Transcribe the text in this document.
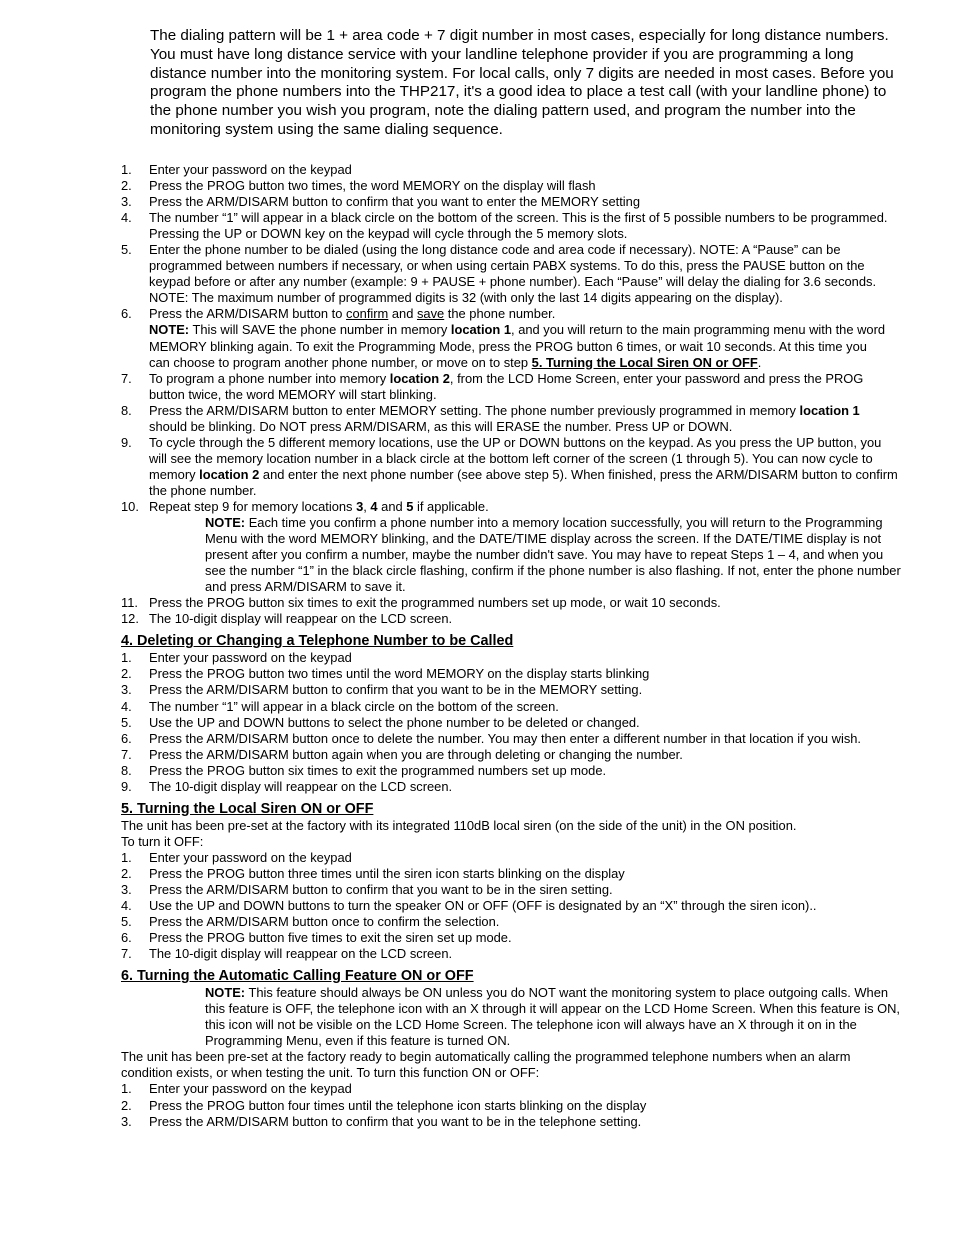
The dialing pattern will be 1 + area code + 7 digit number in most cases, especially for long distance numbers. You must have long distance service with your landline telephone provider if you are programming a long distance number into the monitoring system. For local calls, only 7 digits are needed in most cases. Before you program the phone numbers into the THP217, it's a good idea to place a test call (with your landline phone) to the phone number you wish you program, note the dialing pattern used, and program the number into the monitoring system using the same dialing sequence.

1. Enter your password on the keypad
2. Press the PROG button two times, the word MEMORY on the display will flash
3. Press the ARM/DISARM button to confirm that you want to enter the MEMORY setting
4. The number “1” will appear in a black circle on the bottom of the screen. This is the first of 5 possible numbers to be programmed. Pressing the UP or DOWN key on the keypad will cycle through the 5 memory slots.
5. Enter the phone number to be dialed (using the long distance code and area code if necessary). NOTE: A “Pause” can be programmed between numbers if necessary, or when using certain PABX systems. To do this, press the PAUSE button on the keypad before or after any number (example: 9 + PAUSE + phone number). Each “Pause” will delay the dialing for 3.6 seconds. NOTE: The maximum number of programmed digits is 32 (with only the last 14 digits appearing on the display).
6. Press the ARM/DISARM button to confirm and save the phone number.
NOTE: This will SAVE the phone number in memory location 1, and you will return to the main programming menu with the word MEMORY blinking again. To exit the Programming Mode, press the PROG button 6 times, or wait 10 seconds. At this time you can choose to program another phone number, or move on to step 5. Turning the Local Siren ON or OFF.
7. To program a phone number into memory location 2, from the LCD Home Screen, enter your password and press the PROG button twice, the word MEMORY will start blinking.
8. Press the ARM/DISARM button to enter MEMORY setting. The phone number previously programmed in memory location 1 should be blinking. Do NOT press ARM/DISARM, as this will ERASE the number. Press UP or DOWN.
9. To cycle through the 5 different memory locations, use the UP or DOWN buttons on the keypad. As you press the UP button, you will see the memory location number in a black circle at the bottom left corner of the screen (1 through 5). You can now cycle to memory location 2 and enter the next phone number (see above step 5). When finished, press the ARM/DISARM button to confirm the phone number.
10. Repeat step 9 for memory locations 3, 4 and 5 if applicable.
NOTE: Each time you confirm a phone number into a memory location successfully, you will return to the Programming Menu with the word MEMORY blinking, and the DATE/TIME display across the screen. If the DATE/TIME display is not present after you confirm a number, maybe the number didn't save. You may have to repeat Steps 1 – 4, and when you see the number “1” in the black circle flashing, confirm if the phone number is also flashing. If not, enter the phone number and press ARM/DISARM to save it.
11. Press the PROG button six times to exit the programmed numbers set up mode, or wait 10 seconds.
12. The 10-digit display will reappear on the LCD screen.
4. Deleting or Changing a Telephone Number to be Called
1. Enter your password on the keypad
2. Press the PROG button two times until the word MEMORY on the display starts blinking
3. Press the ARM/DISARM button to confirm that you want to be in the MEMORY setting.
4. The number “1” will appear in a black circle on the bottom of the screen.
5. Use the UP and DOWN buttons to select the phone number to be deleted or changed.
6. Press the ARM/DISARM button once to delete the number. You may then enter a different number in that location if you wish.
7. Press the ARM/DISARM button again when you are through deleting or changing the number.
8. Press the PROG button six times to exit the programmed numbers set up mode.
9. The 10-digit display will reappear on the LCD screen.
5. Turning the Local Siren ON or OFF
The unit has been pre-set at the factory with its integrated 110dB local siren (on the side of the unit) in the ON position.
To turn it OFF:
1. Enter your password on the keypad
2. Press the PROG button three times until the siren icon starts blinking on the display
3. Press the ARM/DISARM button to confirm that you want to be in the siren setting.
4. Use the UP and DOWN buttons to turn the speaker ON or OFF (OFF is designated by an “X” through the siren icon)..
5. Press the ARM/DISARM button once to confirm the selection.
6. Press the PROG button five times to exit the siren set up mode.
7. The 10-digit display will reappear on the LCD screen.
6. Turning the Automatic Calling Feature ON or OFF
NOTE: This feature should always be ON unless you do NOT want the monitoring system to place outgoing calls. When this feature is OFF, the telephone icon with an X through it will appear on the LCD Home Screen. When this feature is ON, this icon will not be visible on the LCD Home Screen. The telephone icon will always have an X through it on in the Programming Menu, even if this feature is turned ON.
The unit has been pre-set at the factory ready to begin automatically calling the programmed telephone numbers when an alarm condition exists, or when testing the unit. To turn this function ON or OFF:
1. Enter your password on the keypad
2. Press the PROG button four times until the telephone icon starts blinking on the display
3. Press the ARM/DISARM button to confirm that you want to be in the telephone setting.
